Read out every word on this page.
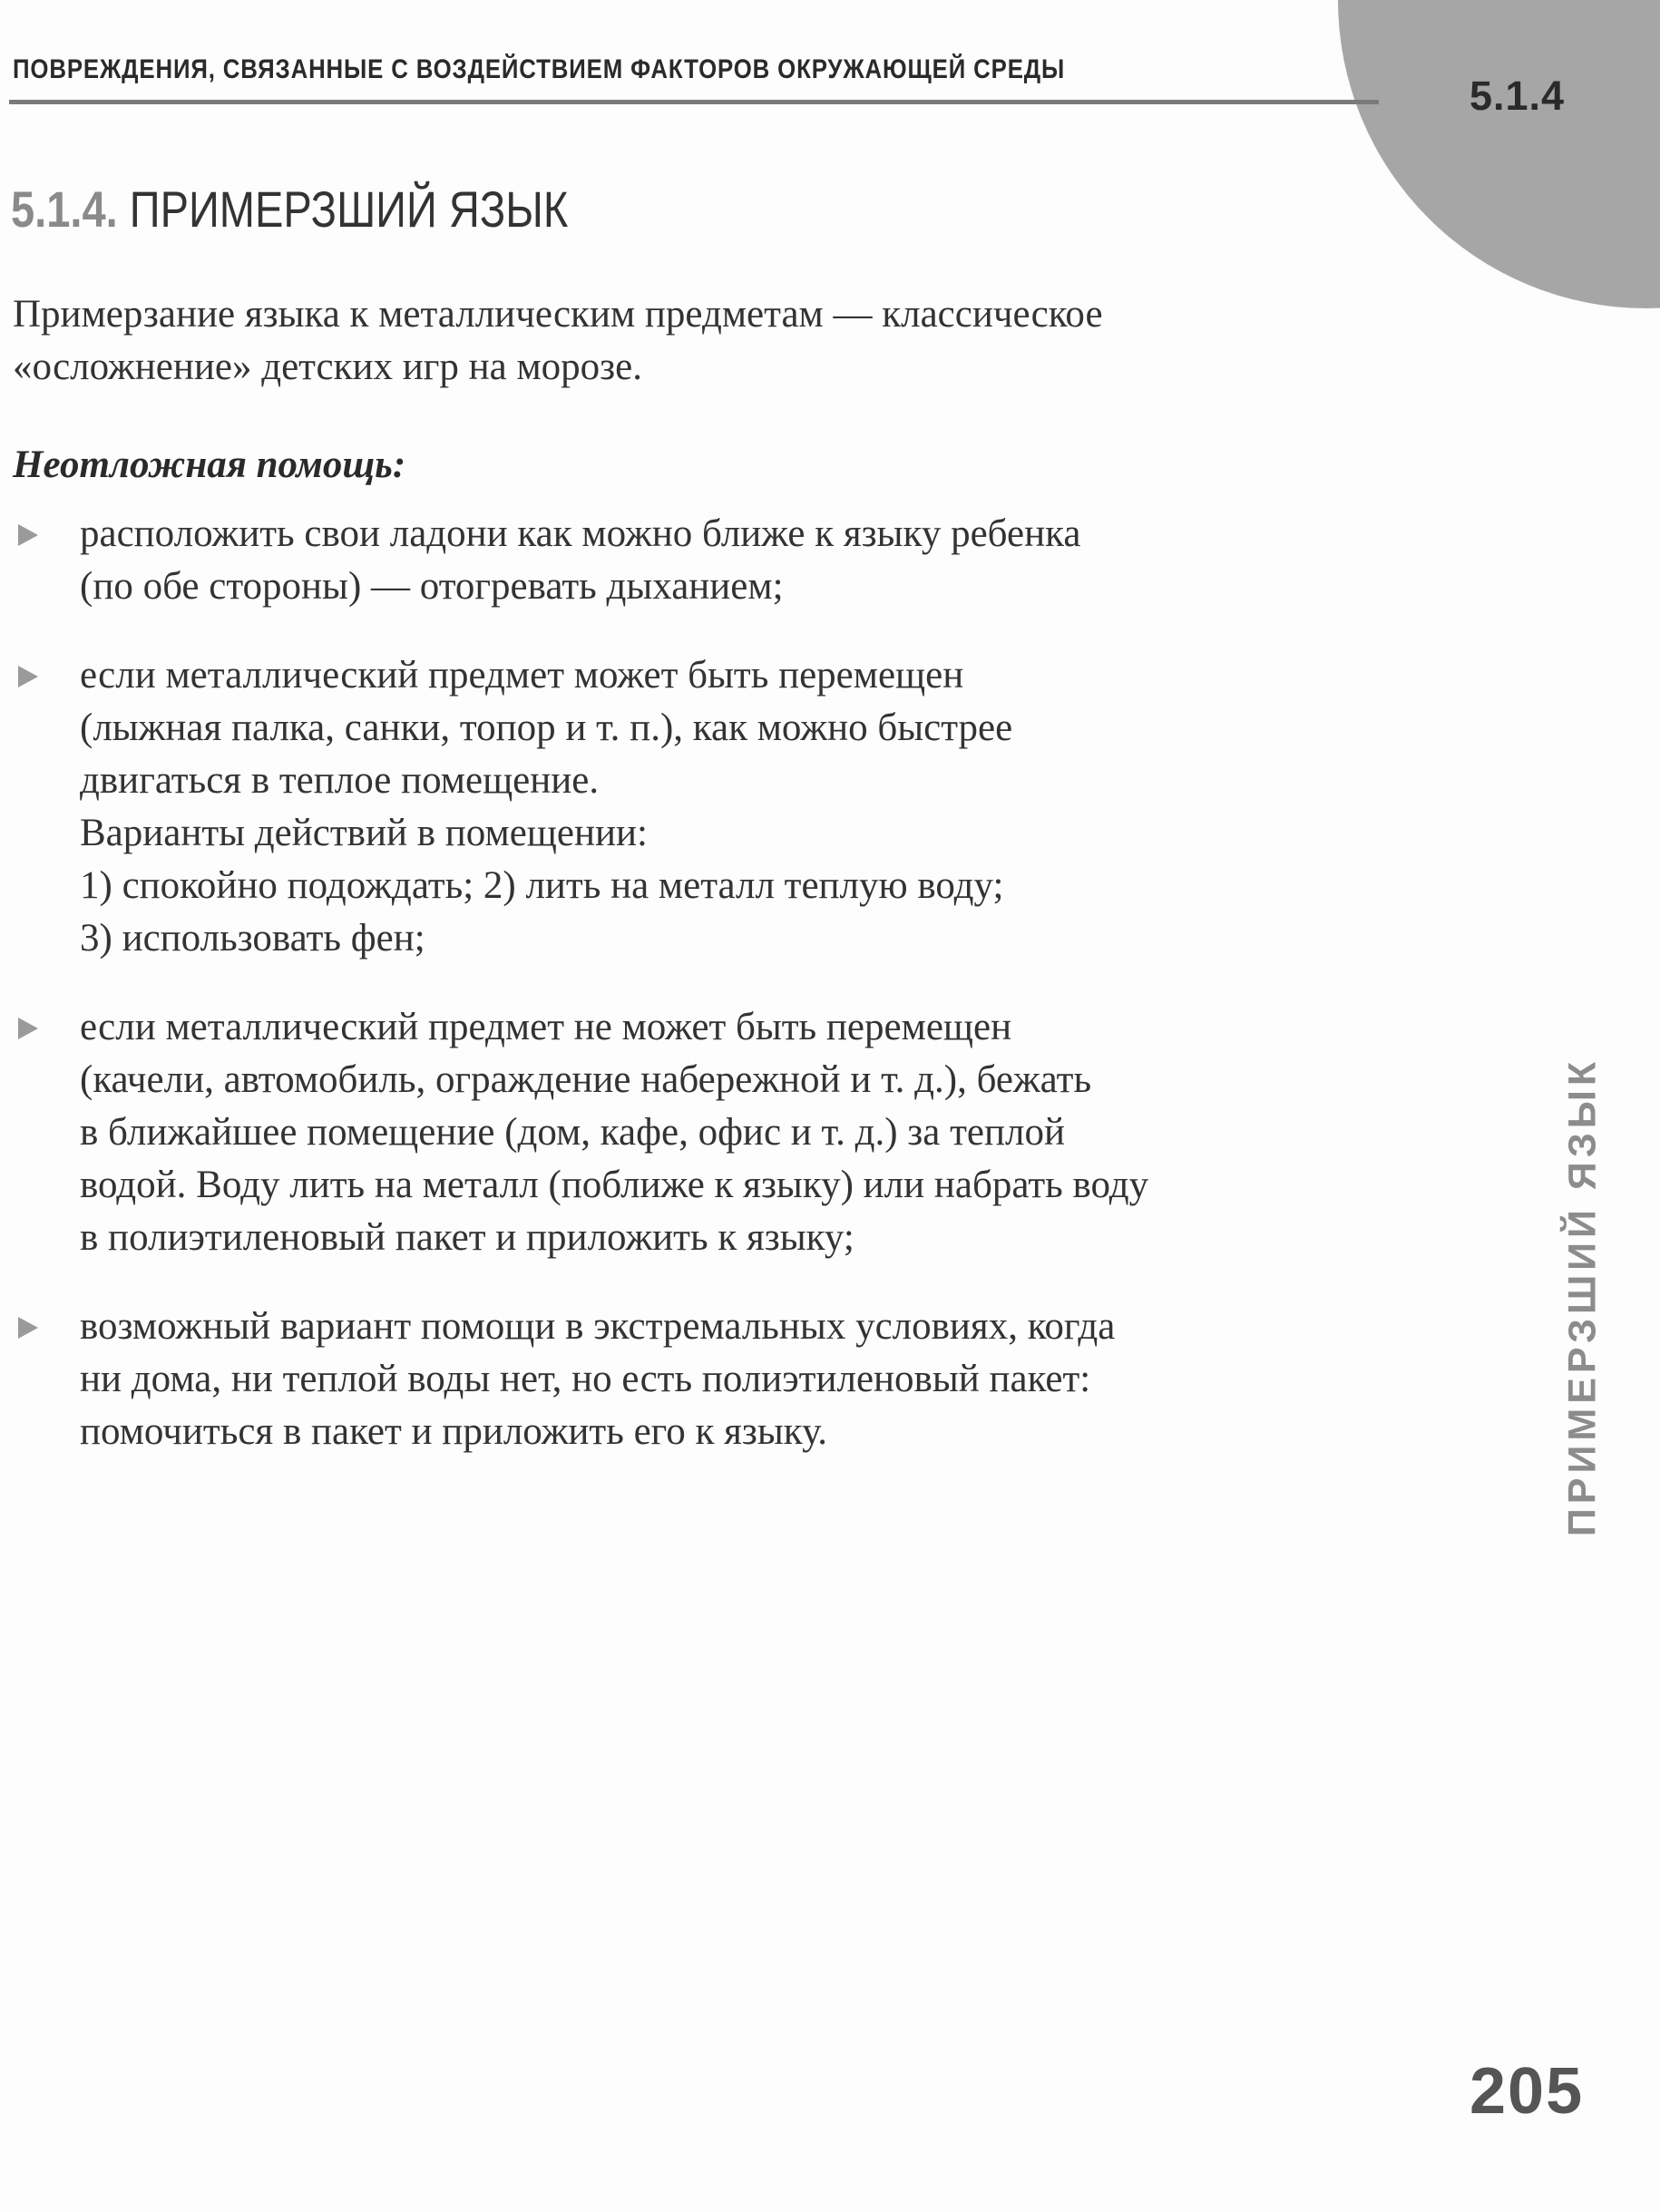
5.1.4
ПОВРЕЖДЕНИЯ, СВЯЗАННЫЕ С ВОЗДЕЙСТВИЕМ ФАКТОРОВ ОКРУЖАЮЩЕЙ СРЕДЫ
5.1.4. ПРИМЕРЗШИЙ ЯЗЫК
Примерзание языка к металлическим предметам — классическое
«осложнение» детских игр на морозе.
Неотложная помощь:
расположить свои ладони как можно ближе к языку ребенка
(по обе стороны) — отогревать дыханием;
если металлический предмет может быть перемещен
(лыжная палка, санки, топор и т. п.), как можно быстрее
двигаться в теплое помещение.
Варианты действий в помещении:
1) спокойно подождать; 2) лить на металл теплую воду;
3) использовать фен;
если металлический предмет не может быть перемещен
(качели, автомобиль, ограждение набережной и т. д.), бежать
в ближайшее помещение (дом, кафе, офис и т. д.) за теплой
водой. Воду лить на металл (поближе к языку) или набрать воду
в полиэтиленовый пакет и приложить к языку;
возможный вариант помощи в экстремальных условиях, когда
ни дома, ни теплой воды нет, но есть полиэтиленовый пакет:
помочиться в пакет и приложить его к языку.	ПРИМЕРЗШИЙ ЯЗЫК
205
